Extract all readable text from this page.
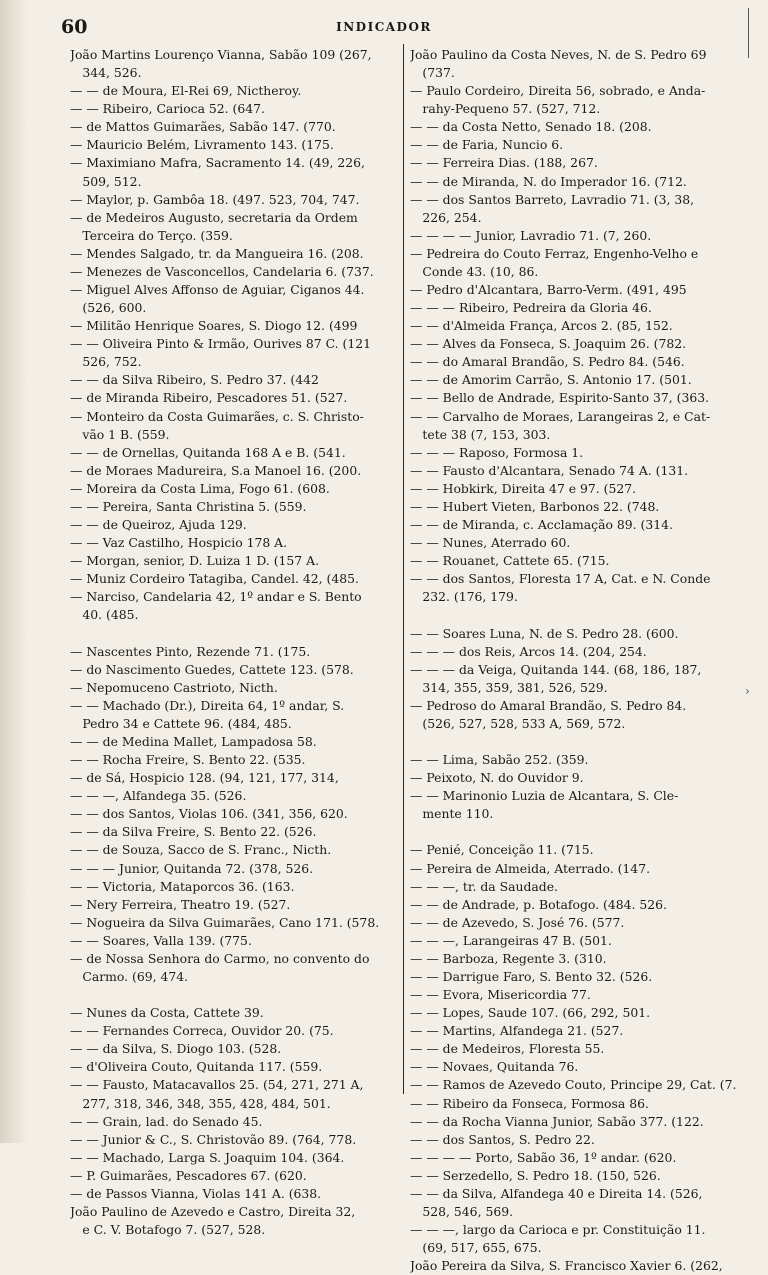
›
60	INDICADOR
João Martins Lourenço Vianna, Sabão 109 (267,
 344, 526.
— — de Moura, El-Rei 69, Nictheroy.
— — Ribeiro, Carioca 52. (647.
— de Mattos Guimarães, Sabão 147. (770.
— Mauricio Belém, Livramento 143. (175.
— Maximiano Mafra, Sacramento 14. (49, 226,
 509, 512.
— Maylor, p. Gambôa 18. (497. 523, 704, 747.
— de Medeiros Augusto, secretaria da Ordem
 Terceira do Terço. (359.
— Mendes Salgado, tr. da Mangueira 16. (208.
— Menezes de Vasconcellos, Candelaria 6. (737.
— Miguel Alves Affonso de Aguiar, Ciganos 44.
 (526, 600.
— Militão Henrique Soares, S. Diogo 12. (499
— — Oliveira Pinto & Irmão, Ourives 87 C. (121
 526, 752.
— — da Silva Ribeiro, S. Pedro 37. (442
— de Miranda Ribeiro, Pescadores 51. (527.
— Monteiro da Costa Guimarães, c. S. Christo-
 vão 1 B. (559.
— — de Ornellas, Quitanda 168 A e B. (541.
— de Moraes Madureira, S.a Manoel 16. (200.
— Moreira da Costa Lima, Fogo 61. (608.
— — Pereira, Santa Christina 5. (559.
— — de Queiroz, Ajuda 129.
— — Vaz Castilho, Hospicio 178 A.
— Morgan, senior, D. Luiza 1 D. (157 A.
— Muniz Cordeiro Tatagiba, Candel. 42, (485.
— Narciso, Candelaria 42, 1º andar e S. Bento
 40. (485.

— Nascentes Pinto, Rezende 71. (175.
— do Nascimento Guedes, Cattete 123. (578.
— Nepomuceno Castrioto, Nicth.
— — Machado (Dr.), Direita 64, 1º andar, S.
 Pedro 34 e Cattete 96. (484, 485.
— — de Medina Mallet, Lampadosa 58.
— — Rocha Freire, S. Bento 22. (535.
— de Sá, Hospicio 128. (94, 121, 177, 314,
— — —, Alfandega 35. (526.
— — dos Santos, Violas 106. (341, 356, 620.
— — da Silva Freire, S. Bento 22. (526.
— — de Souza, Sacco de S. Franc., Nicth.
— — — Junior, Quitanda 72. (378, 526.
— — Victoria, Mataporcos 36. (163.
— Nery Ferreira, Theatro 19. (527.
— Nogueira da Silva Guimarães, Cano 171. (578.
— — Soares, Valla 139. (775.
— de Nossa Senhora do Carmo, no convento do
 Carmo. (69, 474.

— Nunes da Costa, Cattete 39.
— — Fernandes Correca, Ouvidor 20. (75.
— — da Silva, S. Diogo 103. (528.
— d'Oliveira Couto, Quitanda 117. (559.
— — Fausto, Matacavallos 25. (54, 271, 271 A,
 277, 318, 346, 348, 355, 428, 484, 501.
— — Grain, lad. do Senado 45.
— — Junior & C., S. Christovão 89. (764, 778.
— — Machado, Larga S. Joaquim 104. (364.
— P. Guimarães, Pescadores 67. (620.
— de Passos Vianna, Violas 141 A. (638.
João Paulino de Azevedo e Castro, Direita 32,
 e C. V. Botafogo 7. (527, 528.
João Paulino da Costa Neves, N. de S. Pedro 69
 (737.
— Paulo Cordeiro, Direita 56, sobrado, e Anda-
 rahy-Pequeno 57. (527, 712.
— — da Costa Netto, Senado 18. (208.
— — de Faria, Nuncio 6.
— — Ferreira Dias. (188, 267.
— — de Miranda, N. do Imperador 16. (712.
— — dos Santos Barreto, Lavradio 71. (3, 38,
 226, 254.
— — — — Junior, Lavradio 71. (7, 260.
— Pedreira do Couto Ferraz, Engenho-Velho e
 Conde 43. (10, 86.
— Pedro d'Alcantara, Barro-Verm. (491, 495
— — — Ribeiro, Pedreira da Gloria 46.
— — d'Almeida França, Arcos 2. (85, 152.
— — Alves da Fonseca, S. Joaquim 26. (782.
— — do Amaral Brandão, S. Pedro 84. (546.
— — de Amorim Carrão, S. Antonio 17. (501.
— — Bello de Andrade, Espirito-Santo 37, (363.
— — Carvalho de Moraes, Larangeiras 2, e Cat-
 tete 38 (7, 153, 303.
— — — Raposo, Formosa 1.
— — Fausto d'Alcantara, Senado 74 A. (131.
— — Hobkirk, Direita 47 e 97. (527.
— — Hubert Vieten, Barbonos 22. (748.
— — de Miranda, c. Acclamação 89. (314.
— — Nunes, Aterrado 60.
— — Rouanet, Cattete 65. (715.
— — dos Santos, Floresta 17 A, Cat. e N. Conde
 232. (176, 179.

— — Soares Luna, N. de S. Pedro 28. (600.
— — — dos Reis, Arcos 14. (204, 254.
— — — da Veiga, Quitanda 144. (68, 186, 187,
 314, 355, 359, 381, 526, 529.
— Pedroso do Amaral Brandão, S. Pedro 84.
 (526, 527, 528, 533 A, 569, 572.

— — Lima, Sabão 252. (359.
— Peixoto, N. do Ouvidor 9.
— — Marinonio Luzia de Alcantara, S. Cle-
 mente 110.

— Penié, Conceição 11. (715.
— Pereira de Almeida, Aterrado. (147.
— — —, tr. da Saudade.
— — de Andrade, p. Botafogo. (484. 526.
— — de Azevedo, S. José 76. (577.
— — —, Larangeiras 47 B. (501.
— — Barboza, Regente 3. (310.
— — Darrigue Faro, S. Bento 32. (526.
— — Evora, Misericordia 77.
— — Lopes, Saude 107. (66, 292, 501.
— — Martins, Alfandega 21. (527.
— — de Medeiros, Floresta 55.
— — Novaes, Quitanda 76.
— — Ramos de Azevedo Couto, Principe 29, Cat. (7.
— — Ribeiro da Fonseca, Formosa 86.
— — da Rocha Vianna Junior, Sabão 377. (122.
— — dos Santos, S. Pedro 22.
— — — — Porto, Sabão 36, 1º andar. (620.
— — Serzedello, S. Pedro 18. (150, 526.
— — da Silva, Alfandega 40 e Direita 14. (526,
 528, 546, 569.
— — —, largo da Carioca e pr. Constituição 11.
 (69, 517, 655, 675.
João Pereira da Silva, S. Francisco Xavier 6. (262,
